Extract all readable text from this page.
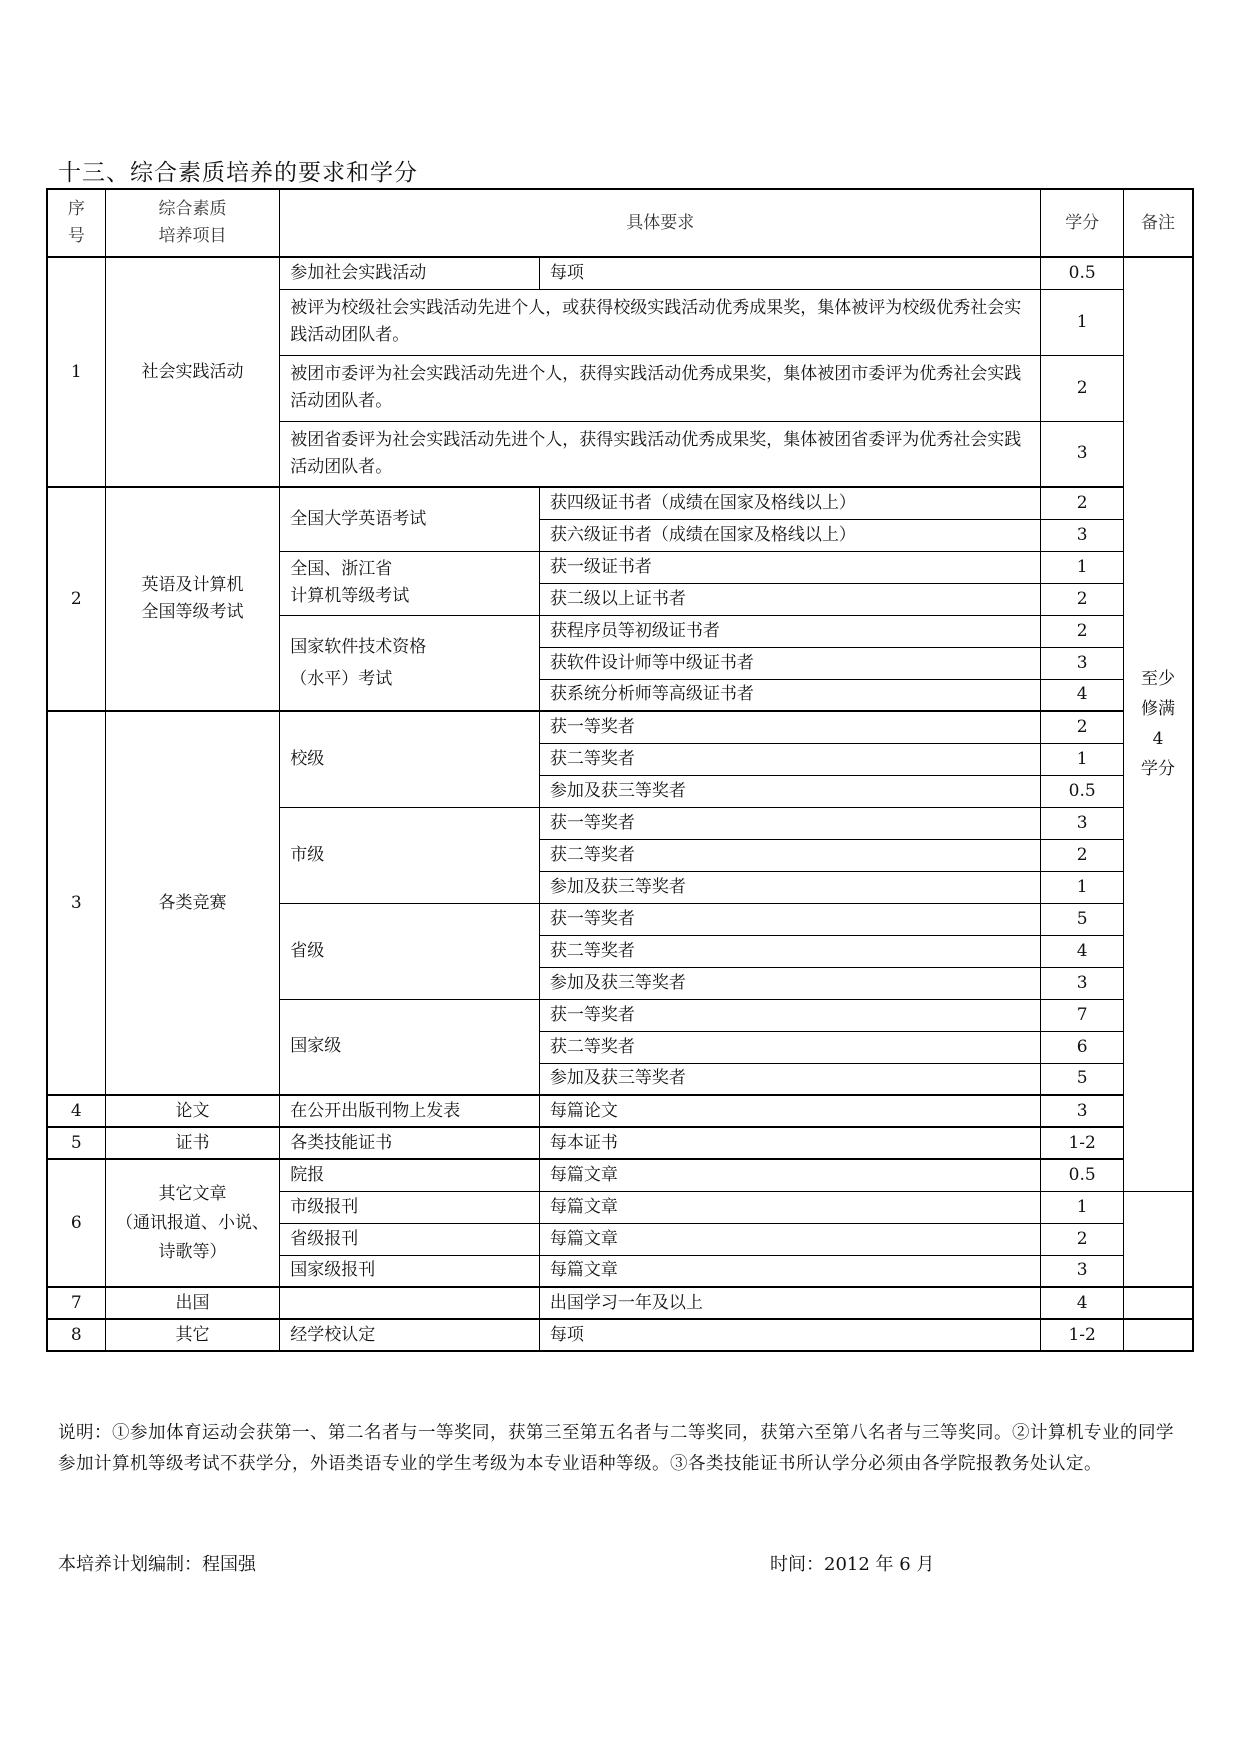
十三、综合素质培养的要求和学分
序
号	综合素质
培养项目	具体要求		学分	备注
1	社会实践活动	参加社会实践活动	每项	0.5	至少
修满
4
学分

		被评为校级社会实践活动先进个人，或获得校级实践活动优秀成果奖，集体被评为校级优秀社会实践活动团队者。		1	
		被团市委评为社会实践活动先进个人，获得实践活动优秀成果奖，集体被团市委评为优秀社会实践活动团队者。		2	
		被团省委评为社会实践活动先进个人，获得实践活动优秀成果奖，集体被团省委评为优秀社会实践活动团队者。		3	
2	英语及计算机
全国等级考试	全国大学英语考试	获四级证书者（成绩在国家及格线以上）	2	
			获六级证书者（成绩在国家及格线以上）	3	

		全国、浙江省
计算机等级考试	获一级证书者	1	
			获二级以上证书者	2	

		国家软件技术资格
（水平）考试	获程序员等初级证书者	2	
			获软件设计师等中级证书者	3	
			获系统分析师等高级证书者	4	
3	各类竞赛	校级	获一等奖者	2	
			获二等奖者	1	
			参加及获三等奖者	0.5	
		市级	获一等奖者	3	
			获二等奖者	2	
			参加及获三等奖者	1	
		省级	获一等奖者	5	
			获二等奖者	4	
			参加及获三等奖者	3	
		国家级	获一等奖者	7	
			获二等奖者	6	
			参加及获三等奖者	5	
4	论文	在公开出版刊物上发表	每篇论文	3	
5	证书	各类技能证书	每本证书	1-2	
6	其它文章
（通讯报道、小说、
诗歌等）	院报	每篇文章	0.5	
		市级报刊	每篇文章	1	
		省级报刊	每篇文章	2	
		国家级报刊	每篇文章	3	
7	出国		出国学习一年及以上	4	
8	其它	经学校认定	每项	1-2	

说明：①参加体育运动会获第一、第二名者与一等奖同，获第三至第五名者与二等奖同，获第六至第八名者与三等奖同。②计算机专业的同学参加计算机等级考试不获学分，外语类语专业的学生考级为本专业语种等级。③各类技能证书所认学分必须由各学院报教务处认定。

本培养计划编制：程国强	时间：2012 年 6 月
